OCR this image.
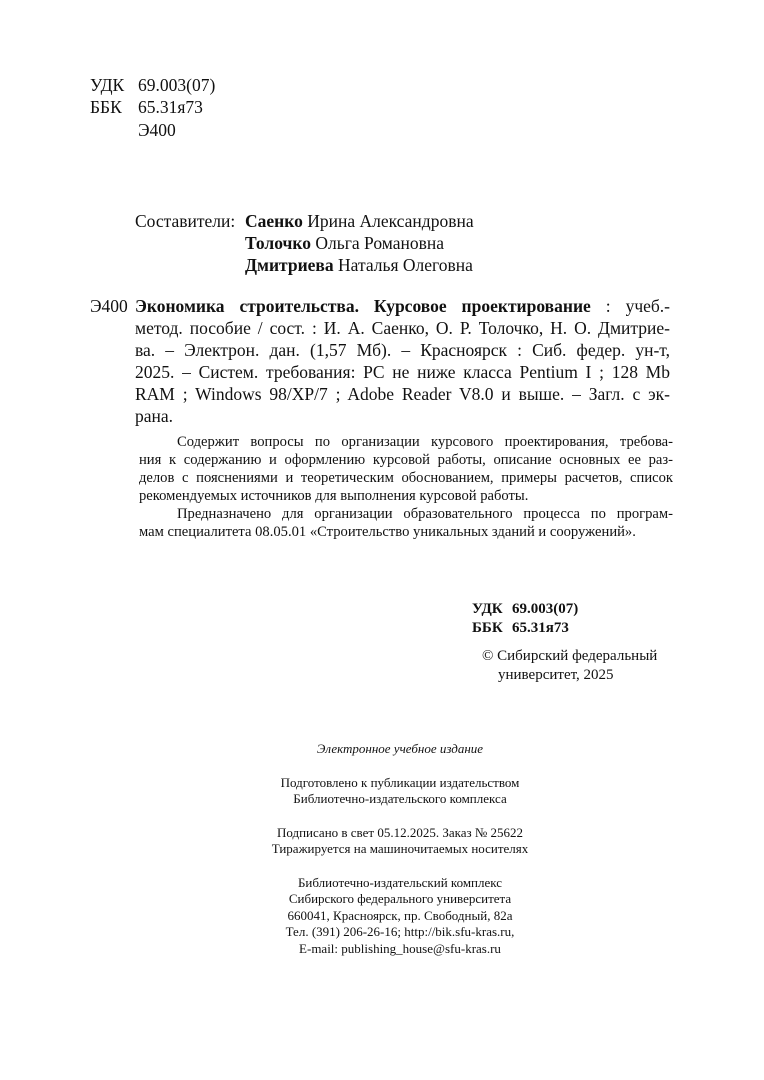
УДК 69.003(07)
ББК 65.31я73
Э400
Составители: Саенко Ирина Александровна
Толочко Ольга Романовна
Дмитриева Наталья Олеговна
Э400 Экономика строительства. Курсовое проектирование : учеб.-
метод. пособие / сост. : И. А. Саенко, О. Р. Толочко, Н. О. Дмитрие-
ва. – Электрон. дан. (1,57 Мб). – Красноярск : Сиб. федер. ун-т,
2025. – Систем. требования: PC не ниже класса Pentium I ; 128 Mb
RAM ; Windows 98/XP/7 ; Adobe Reader V8.0 и выше. – Загл. с эк-
рана.
Содержит вопросы по организации курсового проектирования, требова-
ния к содержанию и оформлению курсовой работы, описание основных ее раз-
делов с пояснениями и теоретическим обоснованием, примеры расчетов, список
рекомендуемых источников для выполнения курсовой работы.
Предназначено для организации образовательного процесса по програм-
мам специалитета 08.05.01 «Строительство уникальных зданий и сооружений».
УДК 69.003(07)
ББК 65.31я73
© Сибирский федеральный
университет, 2025
Электронное учебное издание
Подготовлено к публикации издательством
Библиотечно-издательского комплекса
Подписано в свет 05.12.2025. Заказ № 25622
Тиражируется на машиночитаемых носителях
Библиотечно-издательский комплекс
Сибирского федерального университета
660041, Красноярск, пр. Свободный, 82а
Тел. (391) 206-26-16; http://bik.sfu-kras.ru,
E-mail: publishing_house@sfu-kras.ru
